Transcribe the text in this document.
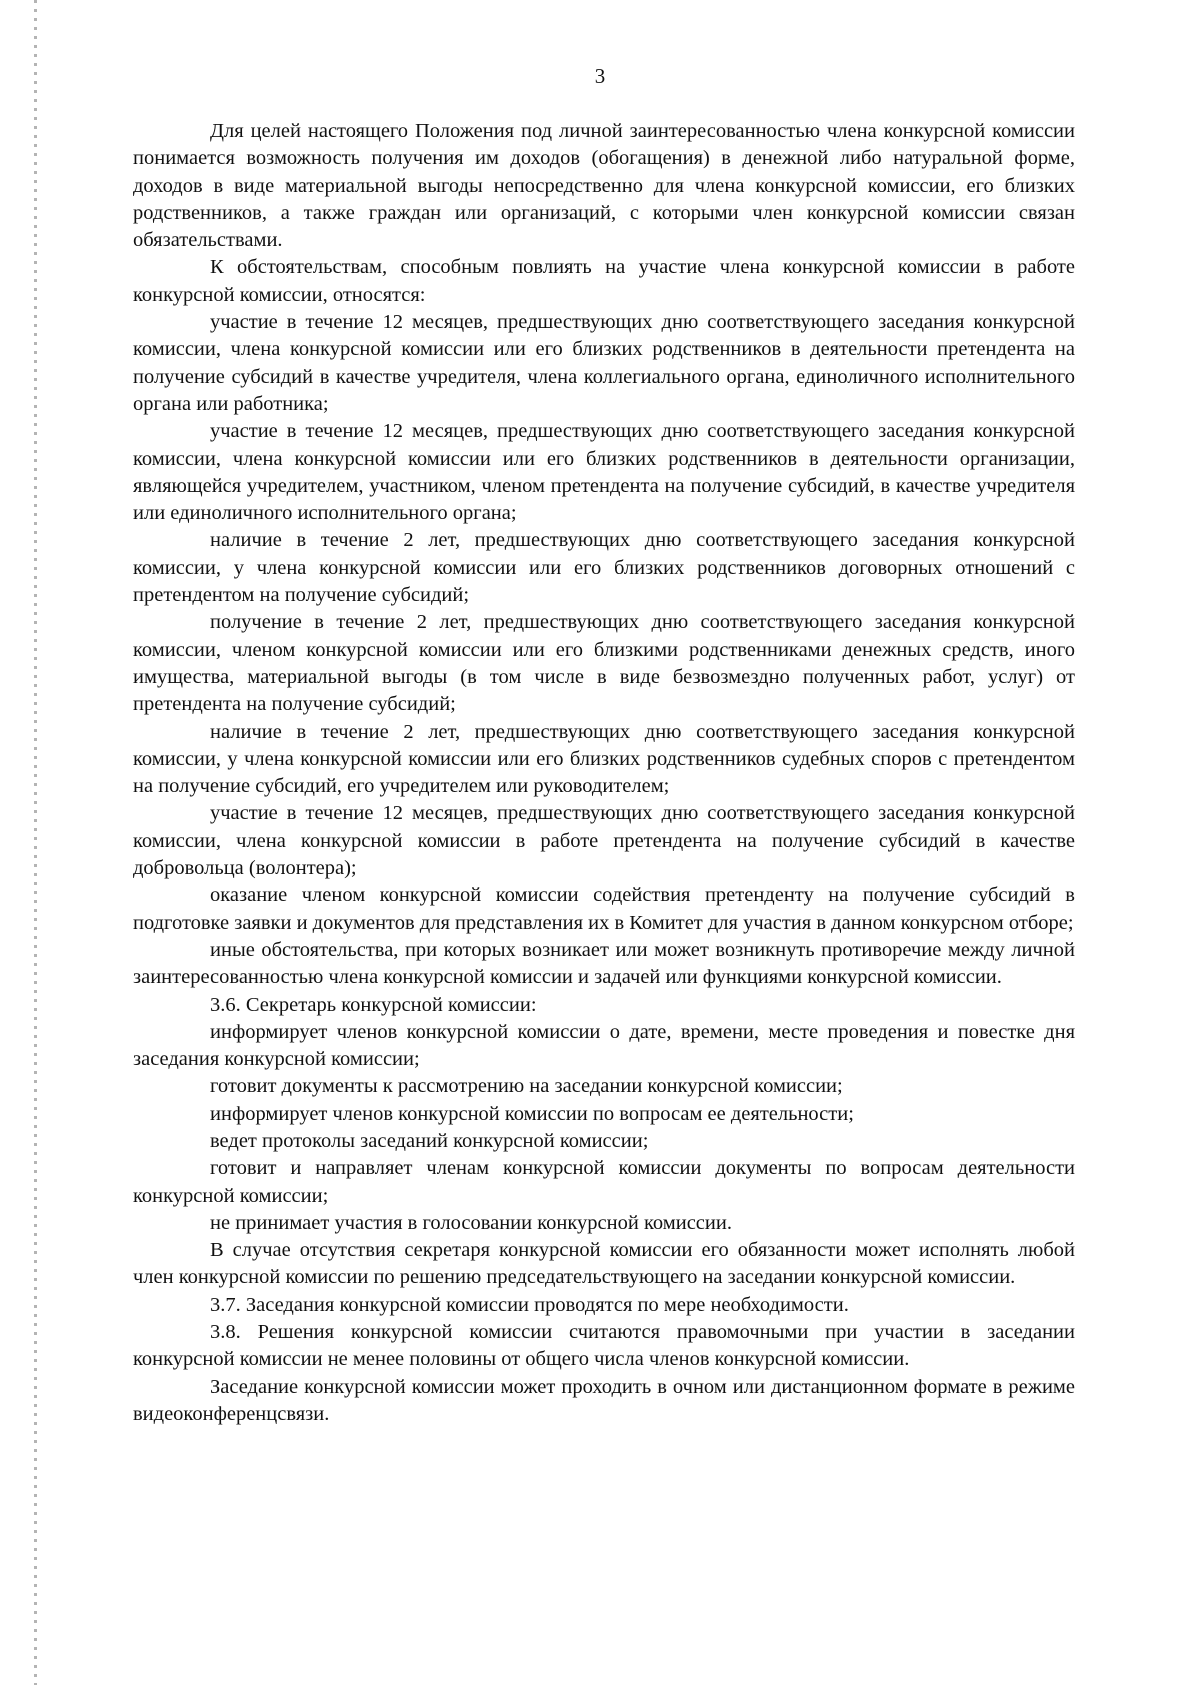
3

Для целей настоящего Положения под личной заинтересованностью члена конкурсной комиссии понимается возможность получения им доходов (обогащения) в денежной либо натуральной форме, доходов в виде материальной выгоды непосредственно для члена конкурсной комиссии, его близких родственников, а также граждан или организаций, с которыми член конкурсной комиссии связан обязательствами.

К обстоятельствам, способным повлиять на участие члена конкурсной комиссии в работе конкурсной комиссии, относятся:

участие в течение 12 месяцев, предшествующих дню соответствующего заседания конкурсной комиссии, члена конкурсной комиссии или его близких родственников в деятельности претендента на получение субсидий в качестве учредителя, члена коллегиального органа, единоличного исполнительного органа или работника;

участие в течение 12 месяцев, предшествующих дню соответствующего заседания конкурсной комиссии, члена конкурсной комиссии или его близких родственников в деятельности организации, являющейся учредителем, участником, членом претендента на получение субсидий, в качестве учредителя или единоличного исполнительного органа;

наличие в течение 2 лет, предшествующих дню соответствующего заседания конкурсной комиссии, у члена конкурсной комиссии или его близких родственников договорных отношений с претендентом на получение субсидий;

получение в течение 2 лет, предшествующих дню соответствующего заседания конкурсной комиссии, членом конкурсной комиссии или его близкими родственниками денежных средств, иного имущества, материальной выгоды (в том числе в виде безвозмездно полученных работ, услуг) от претендента на получение субсидий;

наличие в течение 2 лет, предшествующих дню соответствующего заседания конкурсной комиссии, у члена конкурсной комиссии или его близких родственников судебных споров с претендентом на получение субсидий, его учредителем или руководителем;

участие в течение 12 месяцев, предшествующих дню соответствующего заседания конкурсной комиссии, члена конкурсной комиссии в работе претендента на получение субсидий в качестве добровольца (волонтера);

оказание членом конкурсной комиссии содействия претенденту на получение субсидий в подготовке заявки и документов для представления их в Комитет для участия в данном конкурсном отборе;

иные обстоятельства, при которых возникает или может возникнуть противоречие между личной заинтересованностью члена конкурсной комиссии и задачей или функциями конкурсной комиссии.

3.6. Секретарь конкурсной комиссии:

информирует членов конкурсной комиссии о дате, времени, месте проведения и повестке дня заседания конкурсной комиссии;

готовит документы к рассмотрению на заседании конкурсной комиссии;

информирует членов конкурсной комиссии по вопросам ее деятельности;

ведет протоколы заседаний конкурсной комиссии;

готовит и направляет членам конкурсной комиссии документы по вопросам деятельности конкурсной комиссии;

не принимает участия в голосовании конкурсной комиссии.

В случае отсутствия секретаря конкурсной комиссии его обязанности может исполнять любой член конкурсной комиссии по решению председательствующего на заседании конкурсной комиссии.

3.7. Заседания конкурсной комиссии проводятся по мере необходимости.

3.8. Решения конкурсной комиссии считаются правомочными при участии в заседании конкурсной комиссии не менее половины от общего числа членов конкурсной комиссии.

Заседание конкурсной комиссии может проходить в очном или дистанционном формате в режиме видеоконференцсвязи.
